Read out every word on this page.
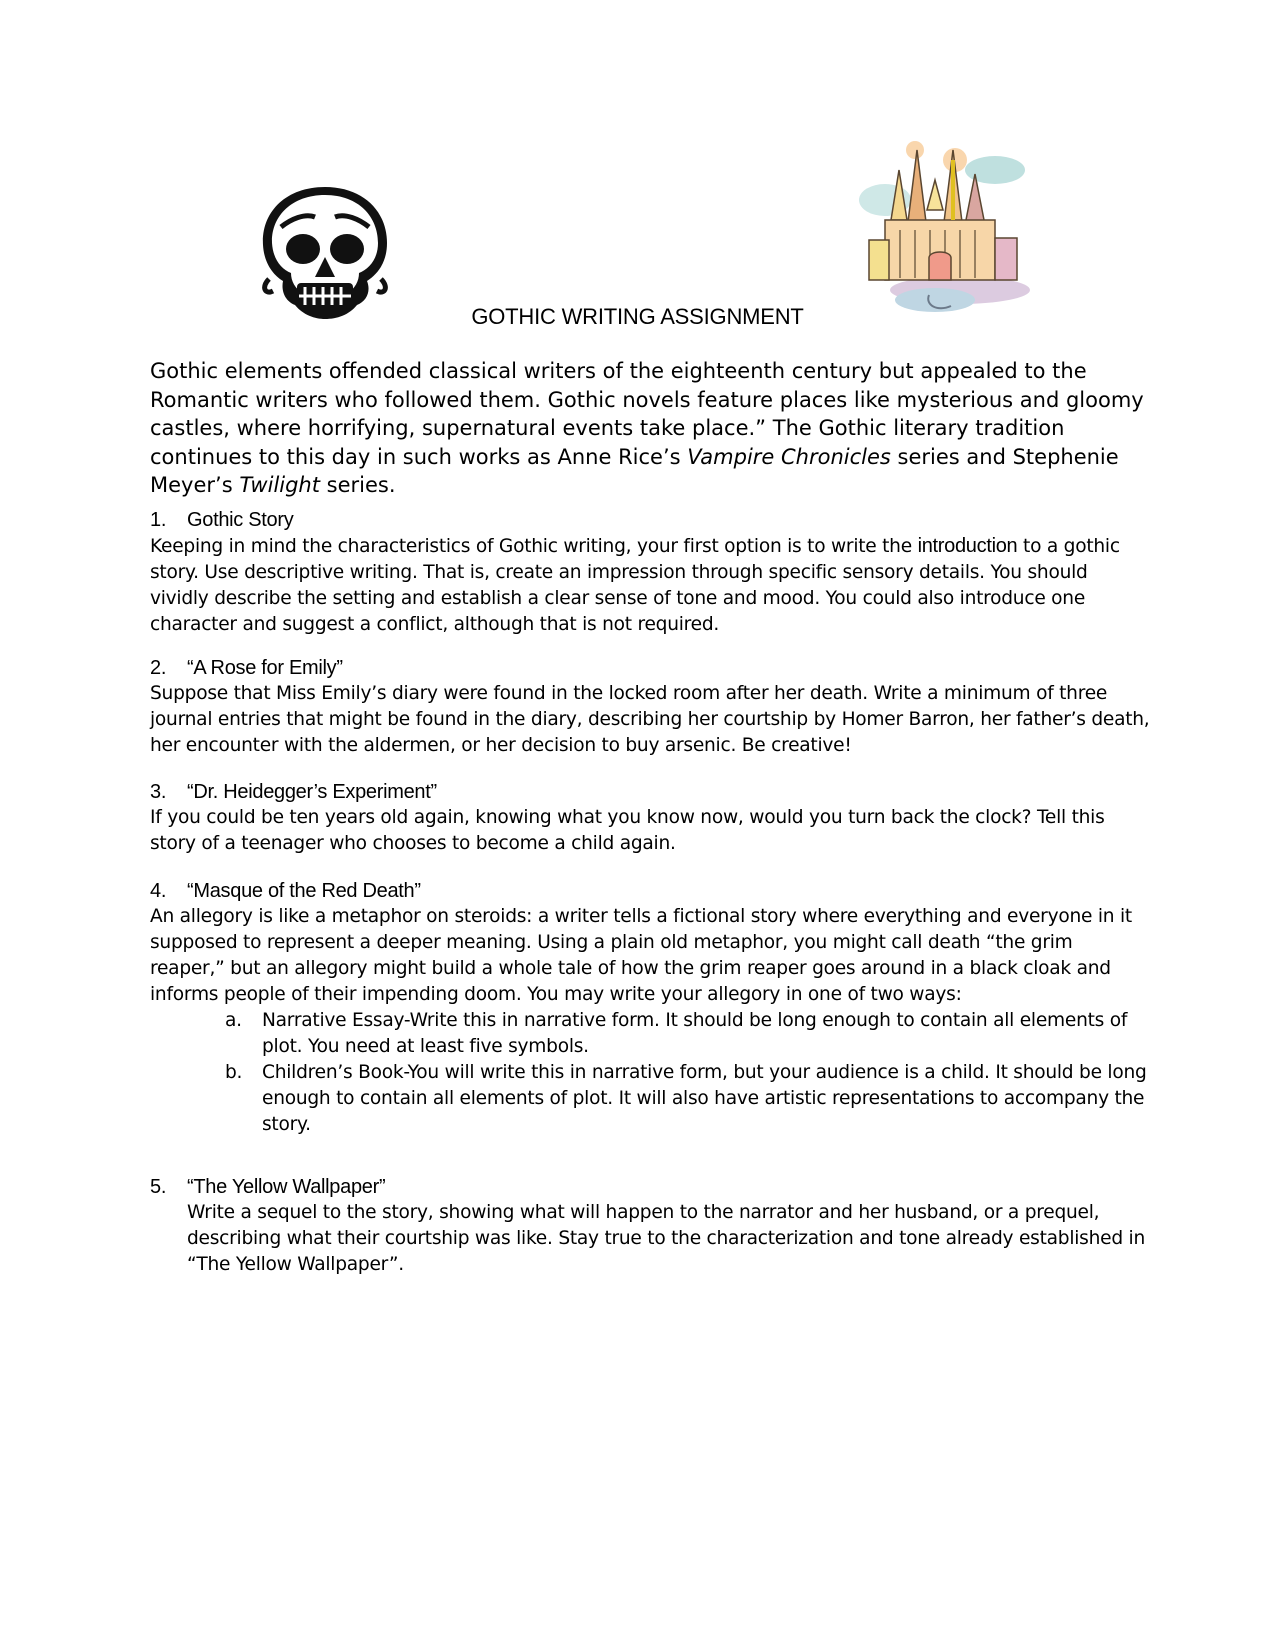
GOTHIC WRITING ASSIGNMENT

Gothic elements offended classical writers of the eighteenth century but appealed to the Romantic writers who followed them. Gothic novels feature places like mysterious and gloomy castles, where horrifying, supernatural events take place.” The Gothic literary tradition continues to this day in such works as Anne Rice’s Vampire Chronicles series and Stephenie Meyer’s Twilight series.

1. Gothic Story

Keeping in mind the characteristics of Gothic writing, your first option is to write the introduction to a gothic story. Use descriptive writing. That is, create an impression through specific sensory details. You should vividly describe the setting and establish a clear sense of tone and mood. You could also introduce one character and suggest a conflict, although that is not required.

2. “A Rose for Emily”

Suppose that Miss Emily’s diary were found in the locked room after her death. Write a minimum of three journal entries that might be found in the diary, describing her courtship by Homer Barron, her father’s death, her encounter with the aldermen, or her decision to buy arsenic. Be creative!

3. “Dr. Heidegger’s Experiment”

If you could be ten years old again, knowing what you know now, would you turn back the clock? Tell this story of a teenager who chooses to become a child again.

4. “Masque of the Red Death”

An allegory is like a metaphor on steroids: a writer tells a fictional story where everything and everyone in it supposed to represent a deeper meaning. Using a plain old metaphor, you might call death “the grim reaper,” but an allegory might build a whole tale of how the grim reaper goes around in a black cloak and informs people of their impending doom. You may write your allegory in one of two ways:

a. Narrative Essay-Write this in narrative form. It should be long enough to contain all elements of plot. You need at least five symbols.
b. Children’s Book-You will write this in narrative form, but your audience is a child. It should be long enough to contain all elements of plot. It will also have artistic representations to accompany the story.
5. “The Yellow Wallpaper”

Write a sequel to the story, showing what will happen to the narrator and her husband, or a prequel, describing what their courtship was like. Stay true to the characterization and tone already established in “The Yellow Wallpaper”.
